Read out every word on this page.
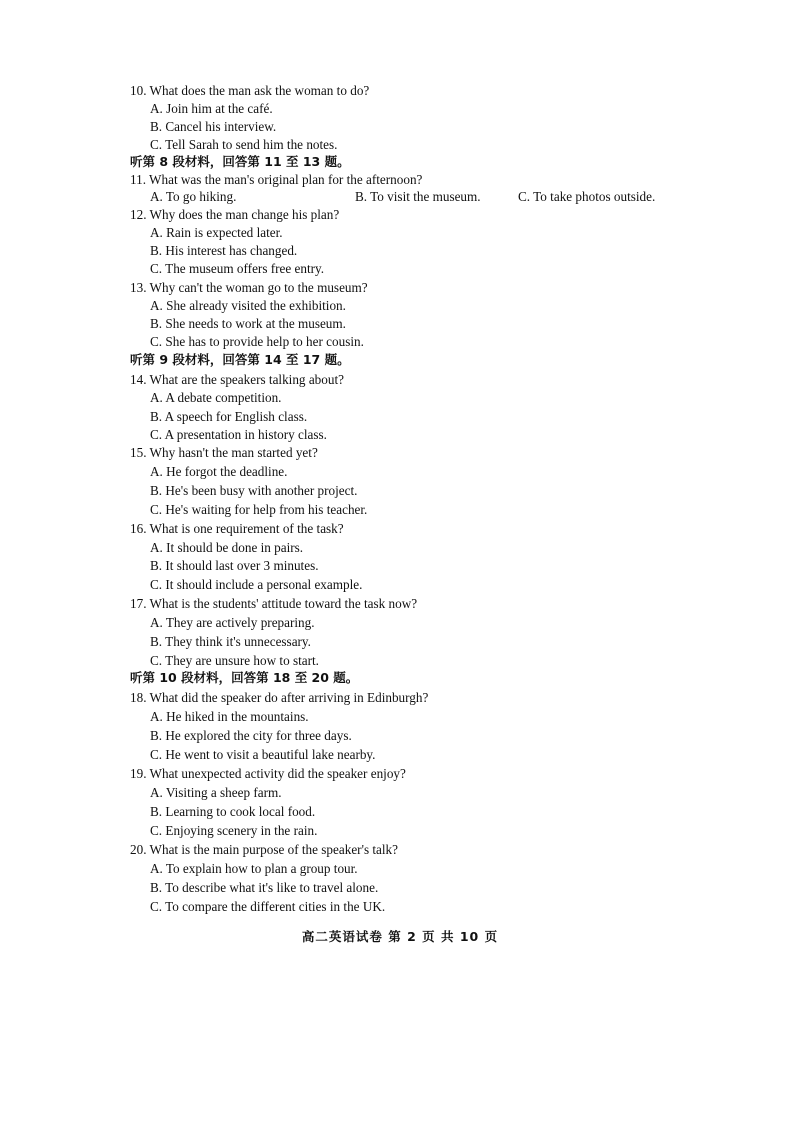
10. What does the man ask the woman to do?
A. Join him at the café.
B. Cancel his interview.
C. Tell Sarah to send him the notes.
听第 8 段材料，回答第 11 至 13 题。
11. What was the man's original plan for the afternoon?
A. To go hiking.	B. To visit the museum.	C. To take photos outside.
12. Why does the man change his plan?
A. Rain is expected later.
B. His interest has changed.
C. The museum offers free entry.
13. Why can't the woman go to the museum?
A. She already visited the exhibition.
B. She needs to work at the museum.
C. She has to provide help to her cousin.
听第 9 段材料，回答第 14 至 17 题。
14. What are the speakers talking about?
A. A debate competition.
B. A speech for English class.
C. A presentation in history class.
15. Why hasn't the man started yet?
A. He forgot the deadline.
B. He's been busy with another project.
C. He's waiting for help from his teacher.
16. What is one requirement of the task?
A. It should be done in pairs.
B. It should last over 3 minutes.
C. It should include a personal example.
17. What is the students' attitude toward the task now?
A. They are actively preparing.
B. They think it's unnecessary.
C. They are unsure how to start.
听第 10 段材料，回答第 18 至 20 题。
18. What did the speaker do after arriving in Edinburgh?
A. He hiked in the mountains.
B. He explored the city for three days.
C. He went to visit a beautiful lake nearby.
19. What unexpected activity did the speaker enjoy?
A. Visiting a sheep farm.
B. Learning to cook local food.
C. Enjoying scenery in the rain.
20. What is the main purpose of the speaker's talk?
A. To explain how to plan a group tour.
B. To describe what it's like to travel alone.
C. To compare the different cities in the UK.
高二英语试卷 第 2 页 共 10 页
